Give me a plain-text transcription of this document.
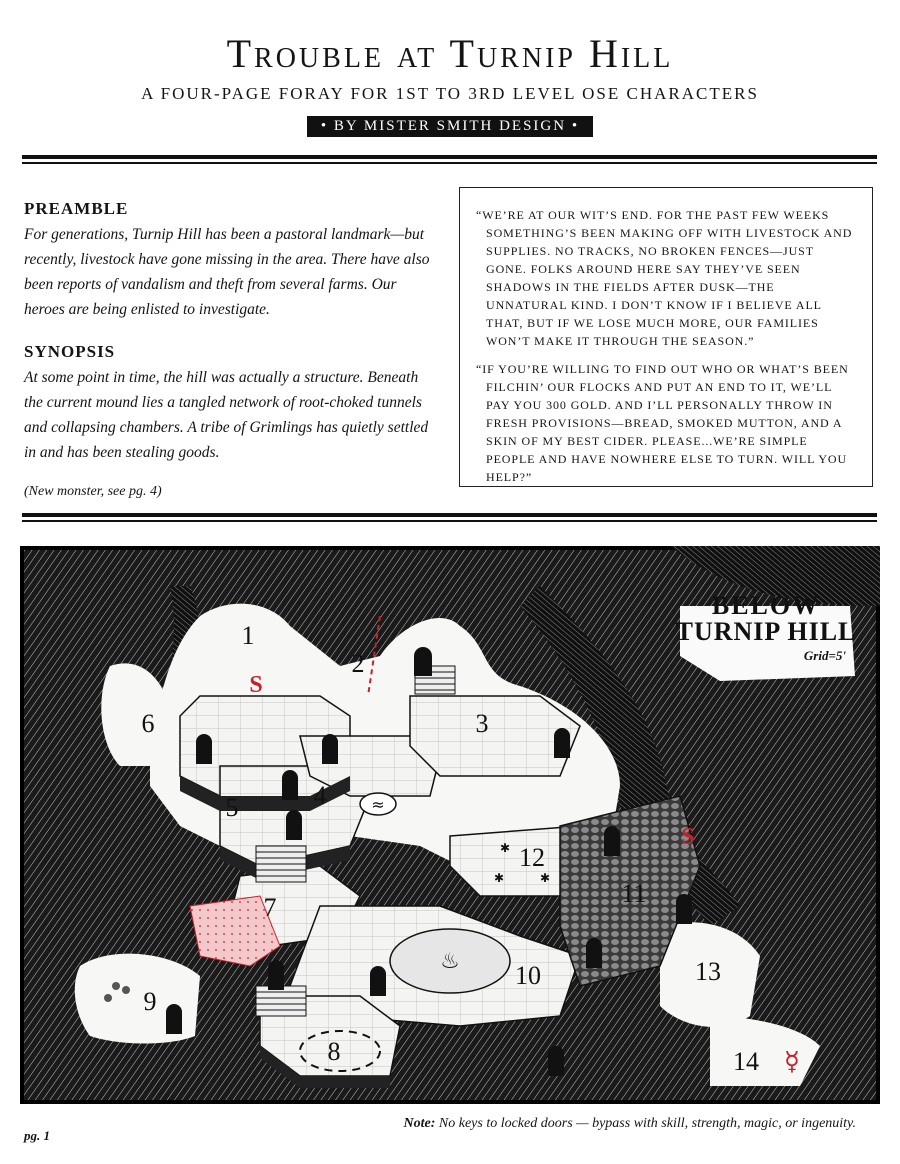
Trouble at Turnip Hill
A FOUR-PAGE FORAY FOR 1ST TO 3RD LEVEL OSE CHARACTERS
• BY MISTER SMITH DESIGN •
PREAMBLE

For generations, Turnip Hill has been a pastoral landmark—but recently, livestock have gone missing in the area. There have also been reports of vandalism and theft from several farms. Our heroes are being enlisted to investigate.

SYNOPSIS

At some point in time, the hill was actually a structure. Beneath the current mound lies a tangled network of root-choked tunnels and collapsing chambers. A tribe of Grimlings has quietly settled in and has been stealing goods.

(New monster, see pg. 4)

“WE’RE AT OUR WIT’S END. FOR THE PAST FEW WEEKS SOMETHING’S BEEN MAKING OFF WITH LIVESTOCK AND SUPPLIES. NO TRACKS, NO BROKEN FENCES—JUST GONE. FOLKS AROUND HERE SAY THEY’VE SEEN SHADOWS IN THE FIELDS AFTER DUSK—THE UNNATURAL KIND. I DON’T KNOW IF I BELIEVE ALL THAT, BUT IF WE LOSE MUCH MORE, OUR FAMILIES WON’T MAKE IT THROUGH THE SEASON.”

“IF YOU’RE WILLING TO FIND OUT WHO OR WHAT’S BEEN FILCHIN’ OUR FLOCKS AND PUT AN END TO IT, WE’LL PAY YOU 300 GOLD. AND I’LL PERSONALLY THROW IN FRESH PROVISIONS—BREAD, SMOKED MUTTON, AND A SKIN OF MY BEST CIDER. PLEASE...WE’RE SIMPLE PEOPLE AND HAVE NOWHERE ELSE TO TURN. WILL YOU HELP?”

♨
≈
BELOW
TURNIP HILL
Grid=5'
1
2
3
4
5
6
7
8
9
10
11
12
13
14
S
S
☿
✱
✱	✱
Note: No keys to locked doors — bypass with skill, strength, magic, or ingenuity.
pg. 1
